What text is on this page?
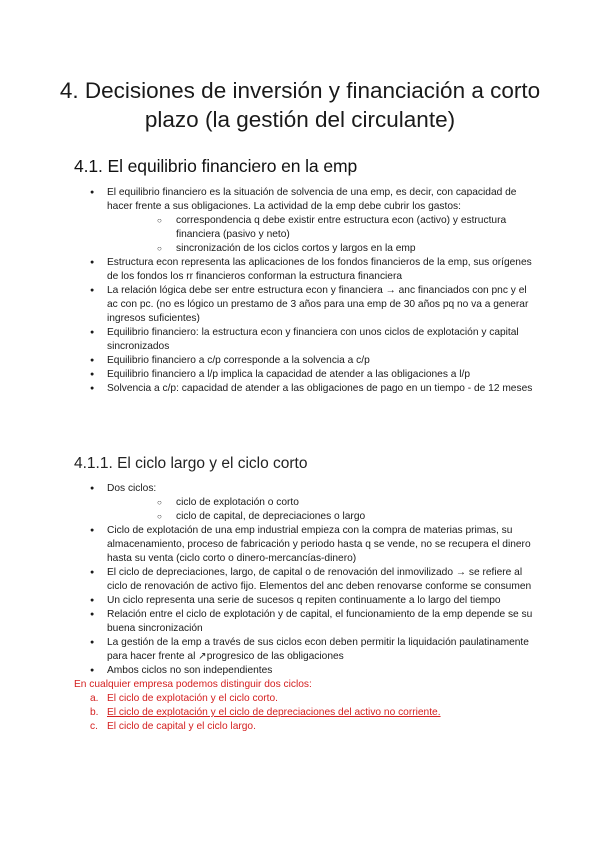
4. Decisiones de inversión y financiación a corto plazo (la gestión del circulante)
4.1. El equilibrio financiero en la emp
● El equilibrio financiero es la situación de solvencia de una emp, es decir, con capacidad de hacer frente a sus obligaciones. La actividad de la emp debe cubrir los gastos:
○ correspondencia q debe existir entre estructura econ (activo) y estructura financiera (pasivo y neto)
○ sincronización de los ciclos cortos y largos en la emp
● Estructura econ representa las aplicaciones de los fondos financieros de la emp, sus orígenes de los fondos los rr financieros conforman la estructura financiera
● La relación lógica debe ser entre estructura econ y financiera → anc financiados con pnc y el ac con pc. (no es lógico un prestamo de 3 años para una emp de 30 años pq no va a generar ingresos suficientes)
● Equilibrio financiero: la estructura econ y financiera con unos ciclos de explotación y capital sincronizados
● Equilibrio financiero a c/p corresponde a la solvencia a c/p
● Equilibrio financiero a l/p implica la capacidad de atender a las obligaciones a l/p
● Solvencia a c/p: capacidad de atender a las obligaciones de pago en un tiempo - de 12 meses
4.1.1. El ciclo largo y el ciclo corto
● Dos ciclos:
○ ciclo de explotación o corto
○ ciclo de capital, de depreciaciones o largo
● Ciclo de explotación de una emp industrial empieza con la compra de materias primas, su almacenamiento, proceso de fabricación y periodo hasta q se vende, no se recupera el dinero hasta su venta (ciclo corto o dinero-mercancías-dinero)
● El ciclo de depreciaciones, largo, de capital o de renovación del inmovilizado → se refiere al ciclo de renovación de activo fijo. Elementos del anc deben renovarse conforme se consumen
● Un ciclo representa una serie de sucesos q repiten continuamente a lo largo del tiempo
● Relación entre el ciclo de explotación y de capital, el funcionamiento de la emp depende se su buena sincronización
● La gestión de la emp a través de sus ciclos econ deben permitir la liquidación paulatinamente para hacer frente al ↗progresico de las obligaciones
● Ambos ciclos no son independientes
En cualquier empresa podemos distinguir dos ciclos:
a. El ciclo de explotación y el ciclo corto.
b. El ciclo de explotación y el ciclo de depreciaciones del activo no corriente.
c. El ciclo de capital y el ciclo largo.
